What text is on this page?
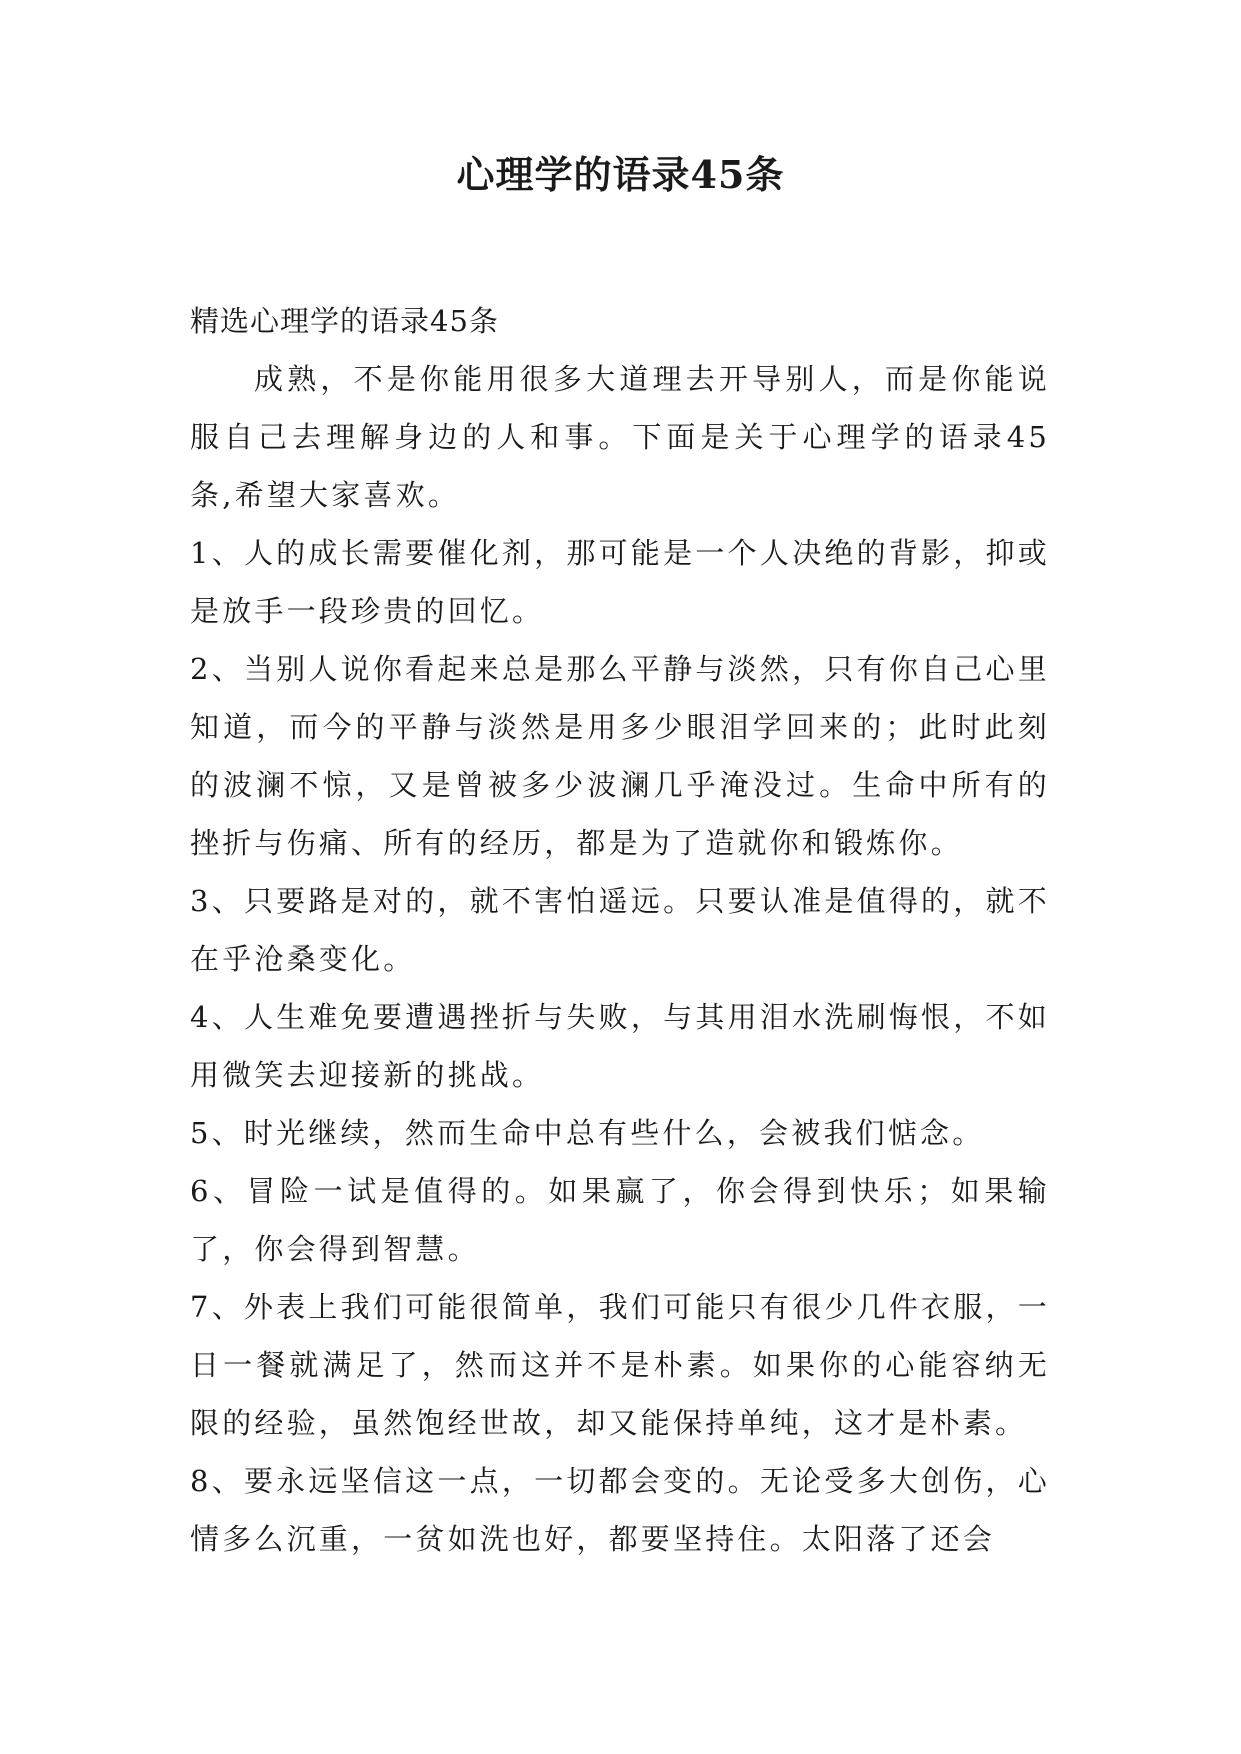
心理学的语录45条

精选心理学的语录45条

成熟，不是你能用很多大道理去开导别人，而是你能说服自己去理解身边的人和事。下面是关于心理学的语录45条,希望大家喜欢。

1、人的成长需要催化剂，那可能是一个人决绝的背影，抑或是放手一段珍贵的回忆。

2、当别人说你看起来总是那么平静与淡然，只有你自己心里知道，而今的平静与淡然是用多少眼泪学回来的；此时此刻的波澜不惊，又是曾被多少波澜几乎淹没过。生命中所有的挫折与伤痛、所有的经历，都是为了造就你和锻炼你。

3、只要路是对的，就不害怕遥远。只要认准是值得的，就不在乎沧桑变化。

4、人生难免要遭遇挫折与失败，与其用泪水洗刷悔恨，不如用微笑去迎接新的挑战。

5、时光继续，然而生命中总有些什么，会被我们惦念。

6、冒险一试是值得的。如果赢了，你会得到快乐；如果输了，你会得到智慧。

7、外表上我们可能很简单，我们可能只有很少几件衣服，一日一餐就满足了，然而这并不是朴素。如果你的心能容纳无限的经验，虽然饱经世故，却又能保持单纯，这才是朴素。

8、要永远坚信这一点，一切都会变的。无论受多大创伤，心情多么沉重，一贫如洗也好，都要坚持住。太阳落了还会
